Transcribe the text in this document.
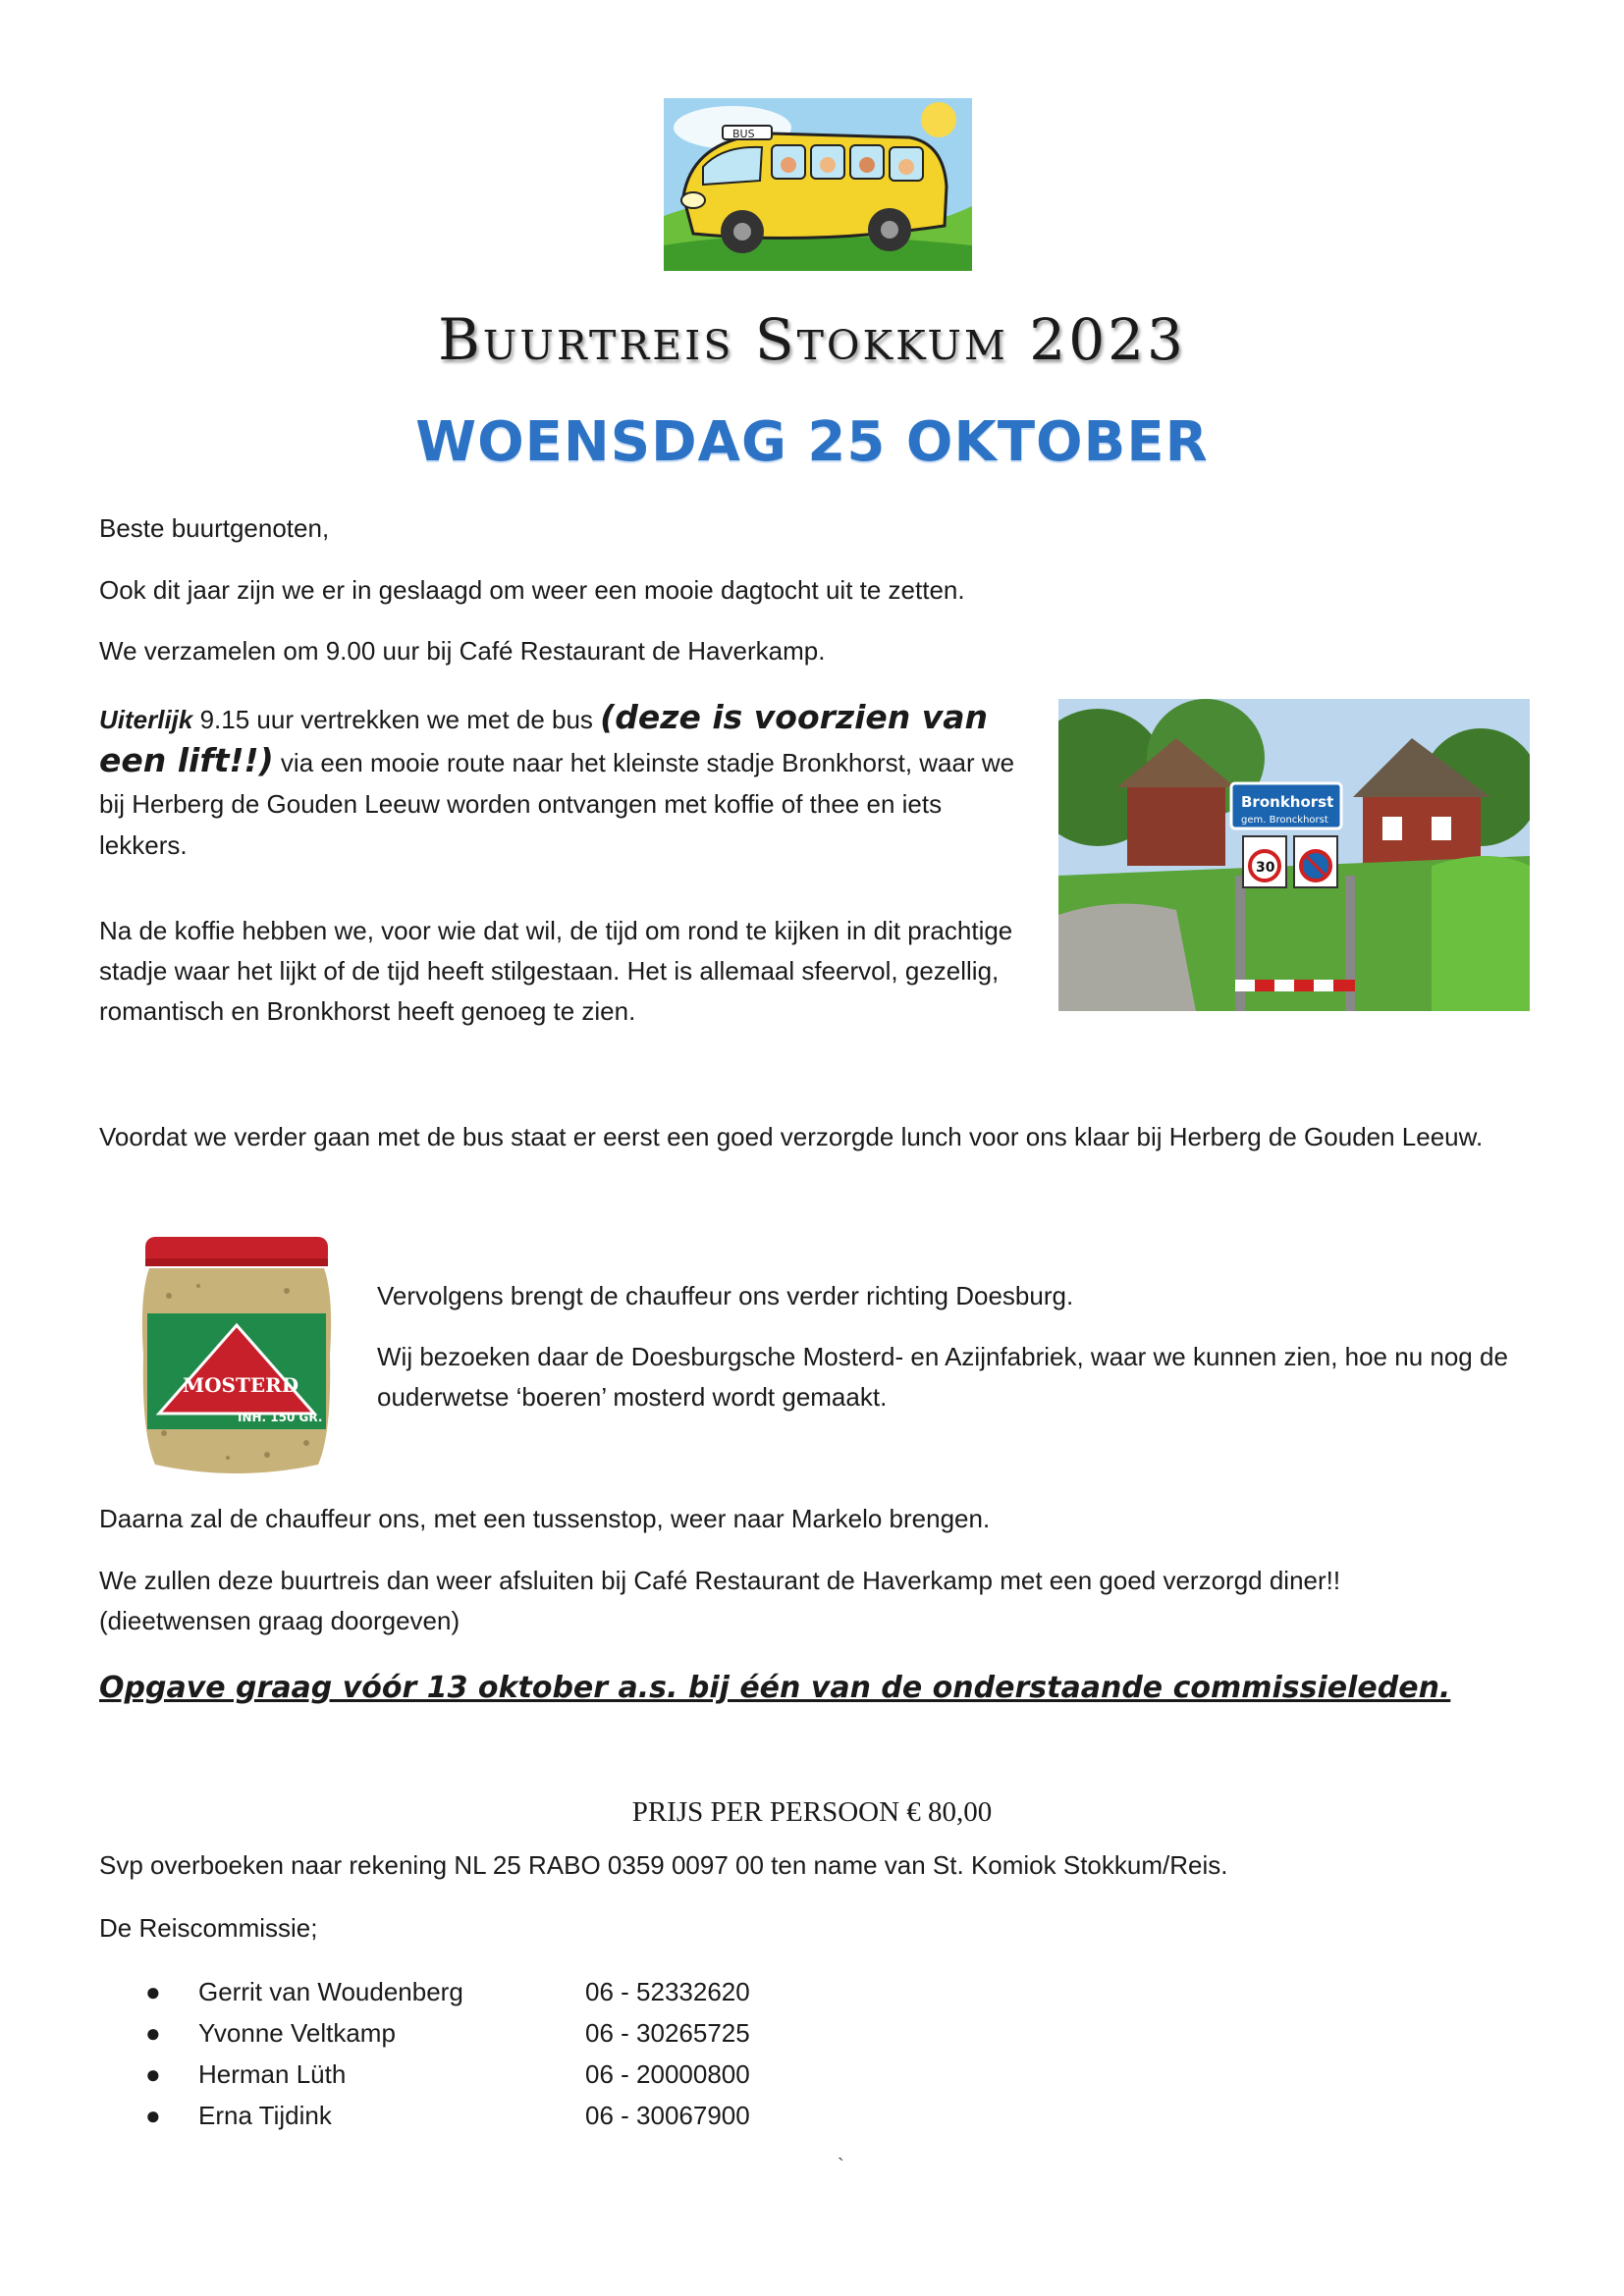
BUS
Buurtreis Stokkum 2023
WOENSDAG 25 OKTOBER

Beste buurtgenoten,

Ook dit jaar zijn we er in geslaagd om weer een mooie dagtocht uit te zetten.

We verzamelen om 9.00 uur bij Café Restaurant de Haverkamp.

Uiterlijk 9.15 uur vertrekken we met de bus (deze is voorzien van een lift!!) via een mooie route naar het kleinste stadje Bronkhorst, waar we bij Herberg de Gouden Leeuw worden ontvangen met koffie of thee en iets lekkers.

Na de koffie hebben we, voor wie dat wil, de tijd om rond te kijken in dit prachtige stadje waar het lijkt of de tijd heeft stilgestaan. Het is allemaal sfeervol, gezellig, romantisch en Bronkhorst heeft genoeg te zien.

Bronkhorst
gem. Bronckhorst
30

Voordat we verder gaan met de bus staat er eerst een goed verzorgde lunch voor ons klaar bij Herberg de Gouden Leeuw.

MOSTERD
INH. 150 GR.

Vervolgens brengt de chauffeur ons verder richting Doesburg.

Wij bezoeken daar de Doesburgsche Mosterd- en Azijnfabriek, waar we kunnen zien, hoe nu nog de ouderwetse ‘boeren’ mosterd wordt gemaakt.

Daarna zal de chauffeur ons, met een tussenstop, weer naar Markelo brengen.

We zullen deze buurtreis dan weer afsluiten bij Café Restaurant de Haverkamp met een goed verzorgd diner!! (dieetwensen graag doorgeven)

Opgave graag vóór 13 oktober a.s. bij één van de onderstaande commissieleden.

PRIJS PER PERSOON € 80,00

Svp overboeken naar rekening NL 25 RABO 0359 0097 00 ten name van St. Komiok Stokkum/Reis.

De Reiscommissie;

●	Gerrit van Woudenberg	06 - 52332620
●	Yvonne Veltkamp	06 - 30265725
●	Herman Lüth	06 - 20000800
●	Erna Tijdink	06 - 30067900
`
